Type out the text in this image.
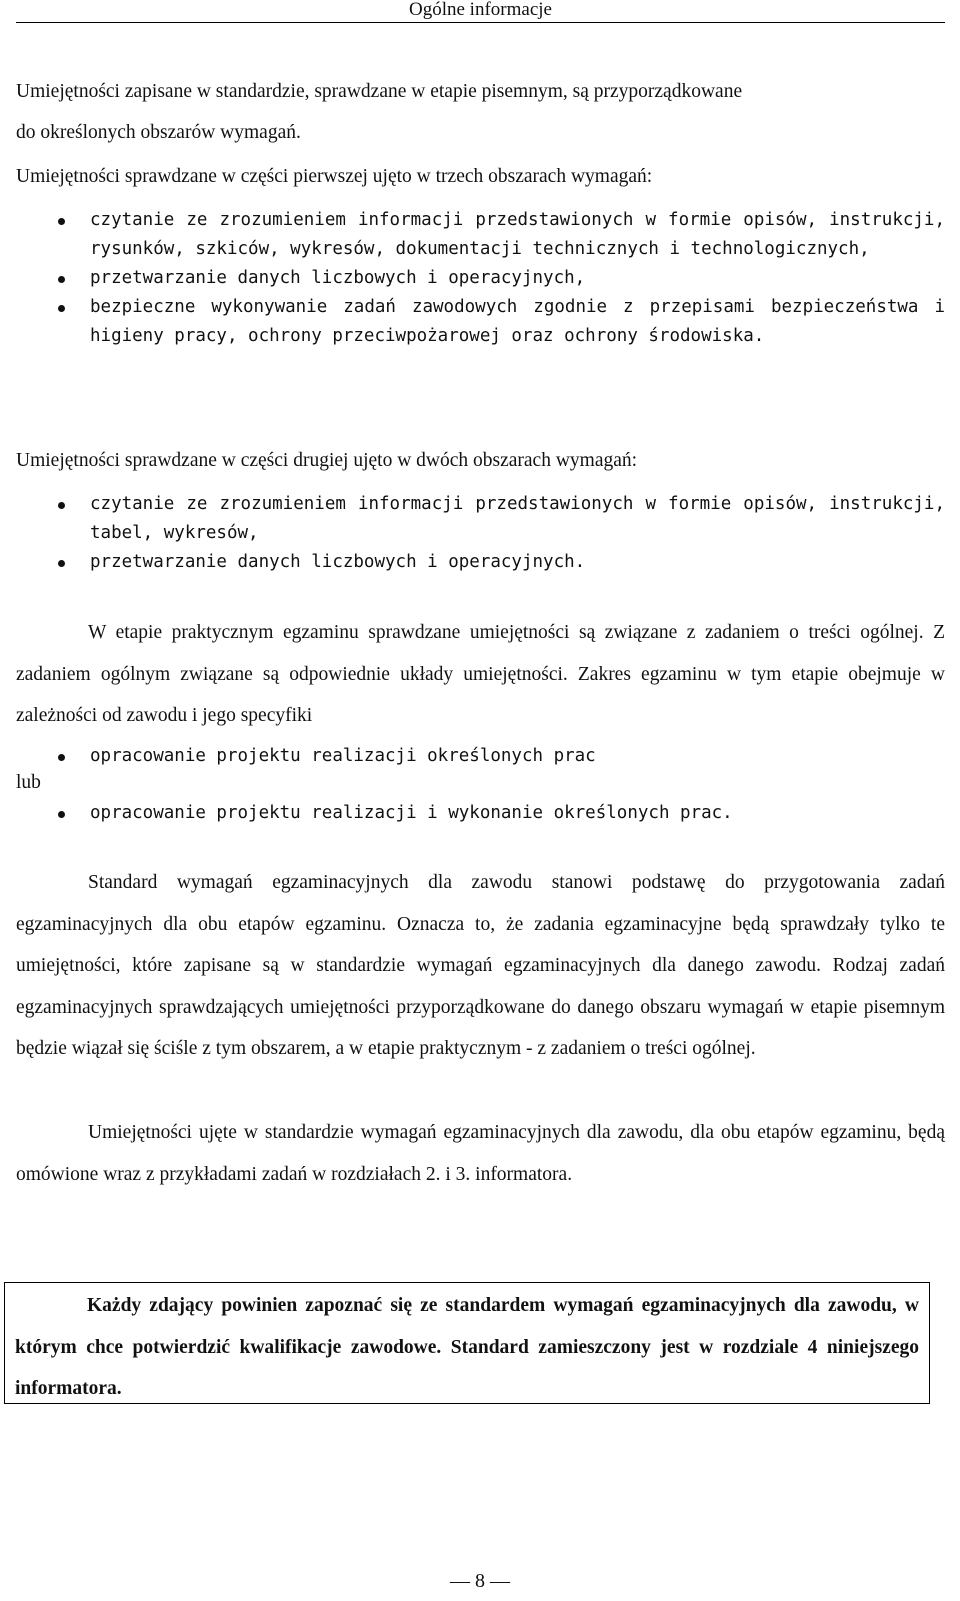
Ogólne informacje

Umiejętności zapisane w standardzie, sprawdzane w etapie pisemnym, są przyporządkowane

do określonych obszarów wymagań.

Umiejętności sprawdzane w części pierwszej ujęto w trzech obszarach wymagań:

czytanie ze zrozumieniem informacji przedstawionych w formie opisów, instrukcji, rysunków, szkiców, wykresów, dokumentacji technicznych i technologicznych,
przetwarzanie danych liczbowych i operacyjnych,
bezpieczne wykonywanie zadań zawodowych zgodnie z przepisami bezpieczeństwa i higieny pracy, ochrony przeciwpożarowej oraz ochrony środowiska.

Umiejętności sprawdzane w części drugiej ujęto w dwóch obszarach wymagań:

czytanie ze zrozumieniem informacji przedstawionych w formie opisów, instrukcji, tabel, wykresów,
przetwarzanie danych liczbowych i operacyjnych.

W etapie praktycznym egzaminu sprawdzane umiejętności są związane z zadaniem o treści ogólnej. Z zadaniem ogólnym związane są odpowiednie układy umiejętności. Zakres egzaminu w tym etapie obejmuje w zależności od zawodu i jego specyfiki

opracowanie projektu realizacji określonych prac
lub
opracowanie projektu realizacji i wykonanie określonych prac.

Standard wymagań egzaminacyjnych dla zawodu stanowi podstawę do przygotowania zadań egzaminacyjnych dla obu etapów egzaminu. Oznacza to, że zadania egzaminacyjne będą sprawdzały tylko te umiejętności, które zapisane są w standardzie wymagań egzaminacyjnych dla danego zawodu. Rodzaj zadań egzaminacyjnych sprawdzających umiejętności przyporządkowane do danego obszaru wymagań w etapie pisemnym będzie wiązał się ściśle z tym obszarem, a w etapie praktycznym - z zadaniem o treści ogólnej.

Umiejętności ujęte w standardzie wymagań egzaminacyjnych dla zawodu, dla obu etapów egzaminu, będą omówione wraz z przykładami zadań w rozdziałach 2. i 3. informatora.

Każdy zdający powinien zapoznać się ze standardem wymagań egzaminacyjnych dla zawodu, w którym chce potwierdzić kwalifikacje zawodowe. Standard zamieszczony jest w rozdziale 4 niniejszego informatora.

— 8 —
